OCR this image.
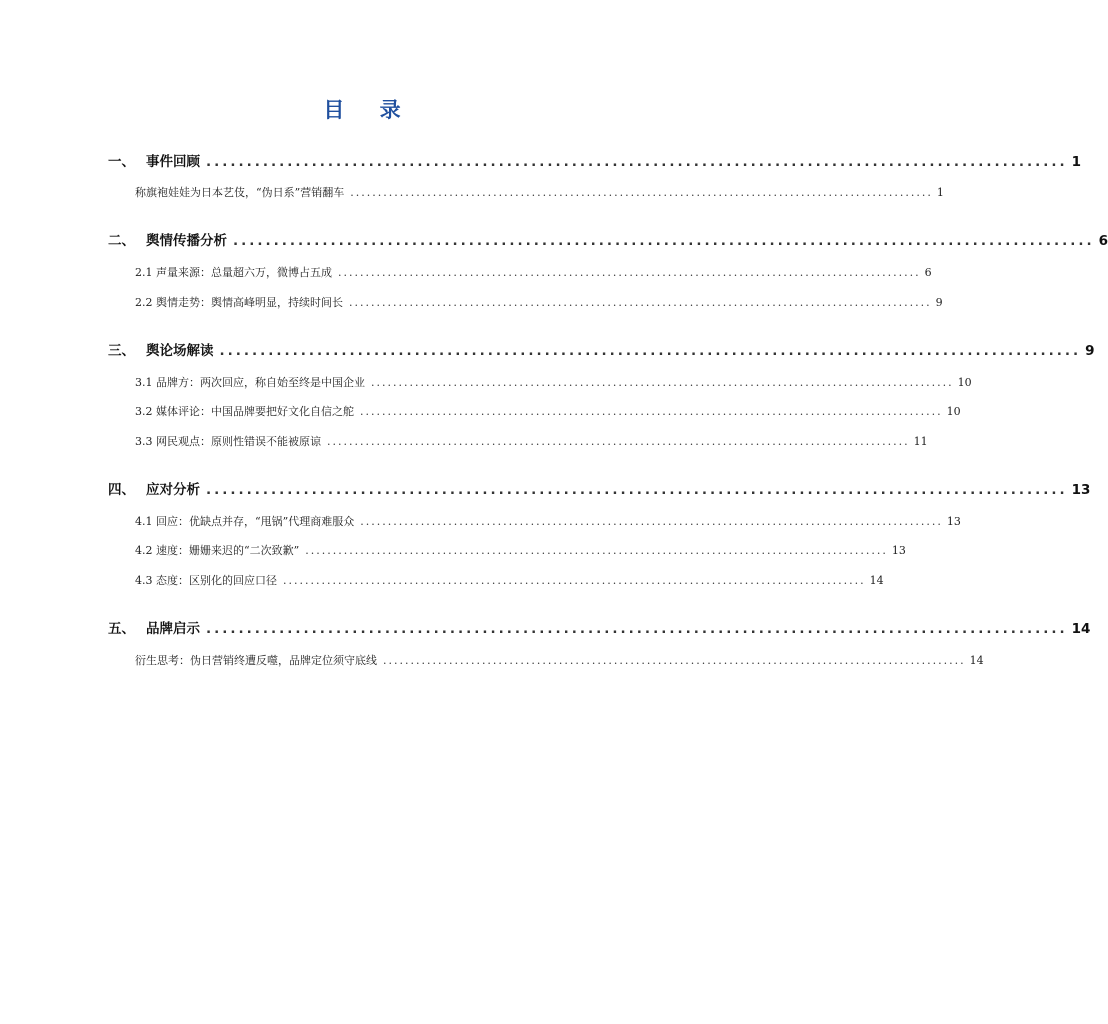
目 录
一、 事件回顾 .......................................................................................................... 1
称旗袍娃娃为日本艺伎，“伪日系”营销翻车 .......................................................................................................... 1
二、 舆情传播分析 .......................................................................................................... 6
2.1 声量来源：总量超六万，微博占五成 .......................................................................................................... 6
2.2 舆情走势：舆情高峰明显，持续时间长 .......................................................................................................... 9
三、 舆论场解读 .......................................................................................................... 9
3.1 品牌方：两次回应，称自始至终是中国企业 .......................................................................................................... 10
3.2 媒体评论：中国品牌要把好文化自信之舵 .......................................................................................................... 10
3.3 网民观点：原则性错误不能被原谅 .......................................................................................................... 11
四、 应对分析 .......................................................................................................... 13
4.1 回应：优缺点并存，“甩锅”代理商难服众 .......................................................................................................... 13
4.2 速度：姗姗来迟的“二次致歉” .......................................................................................................... 13
4.3 态度：区别化的回应口径 .......................................................................................................... 14
五、 品牌启示 .......................................................................................................... 14
衍生思考：伪日营销终遭反噬，品牌定位须守底线 .......................................................................................................... 14
